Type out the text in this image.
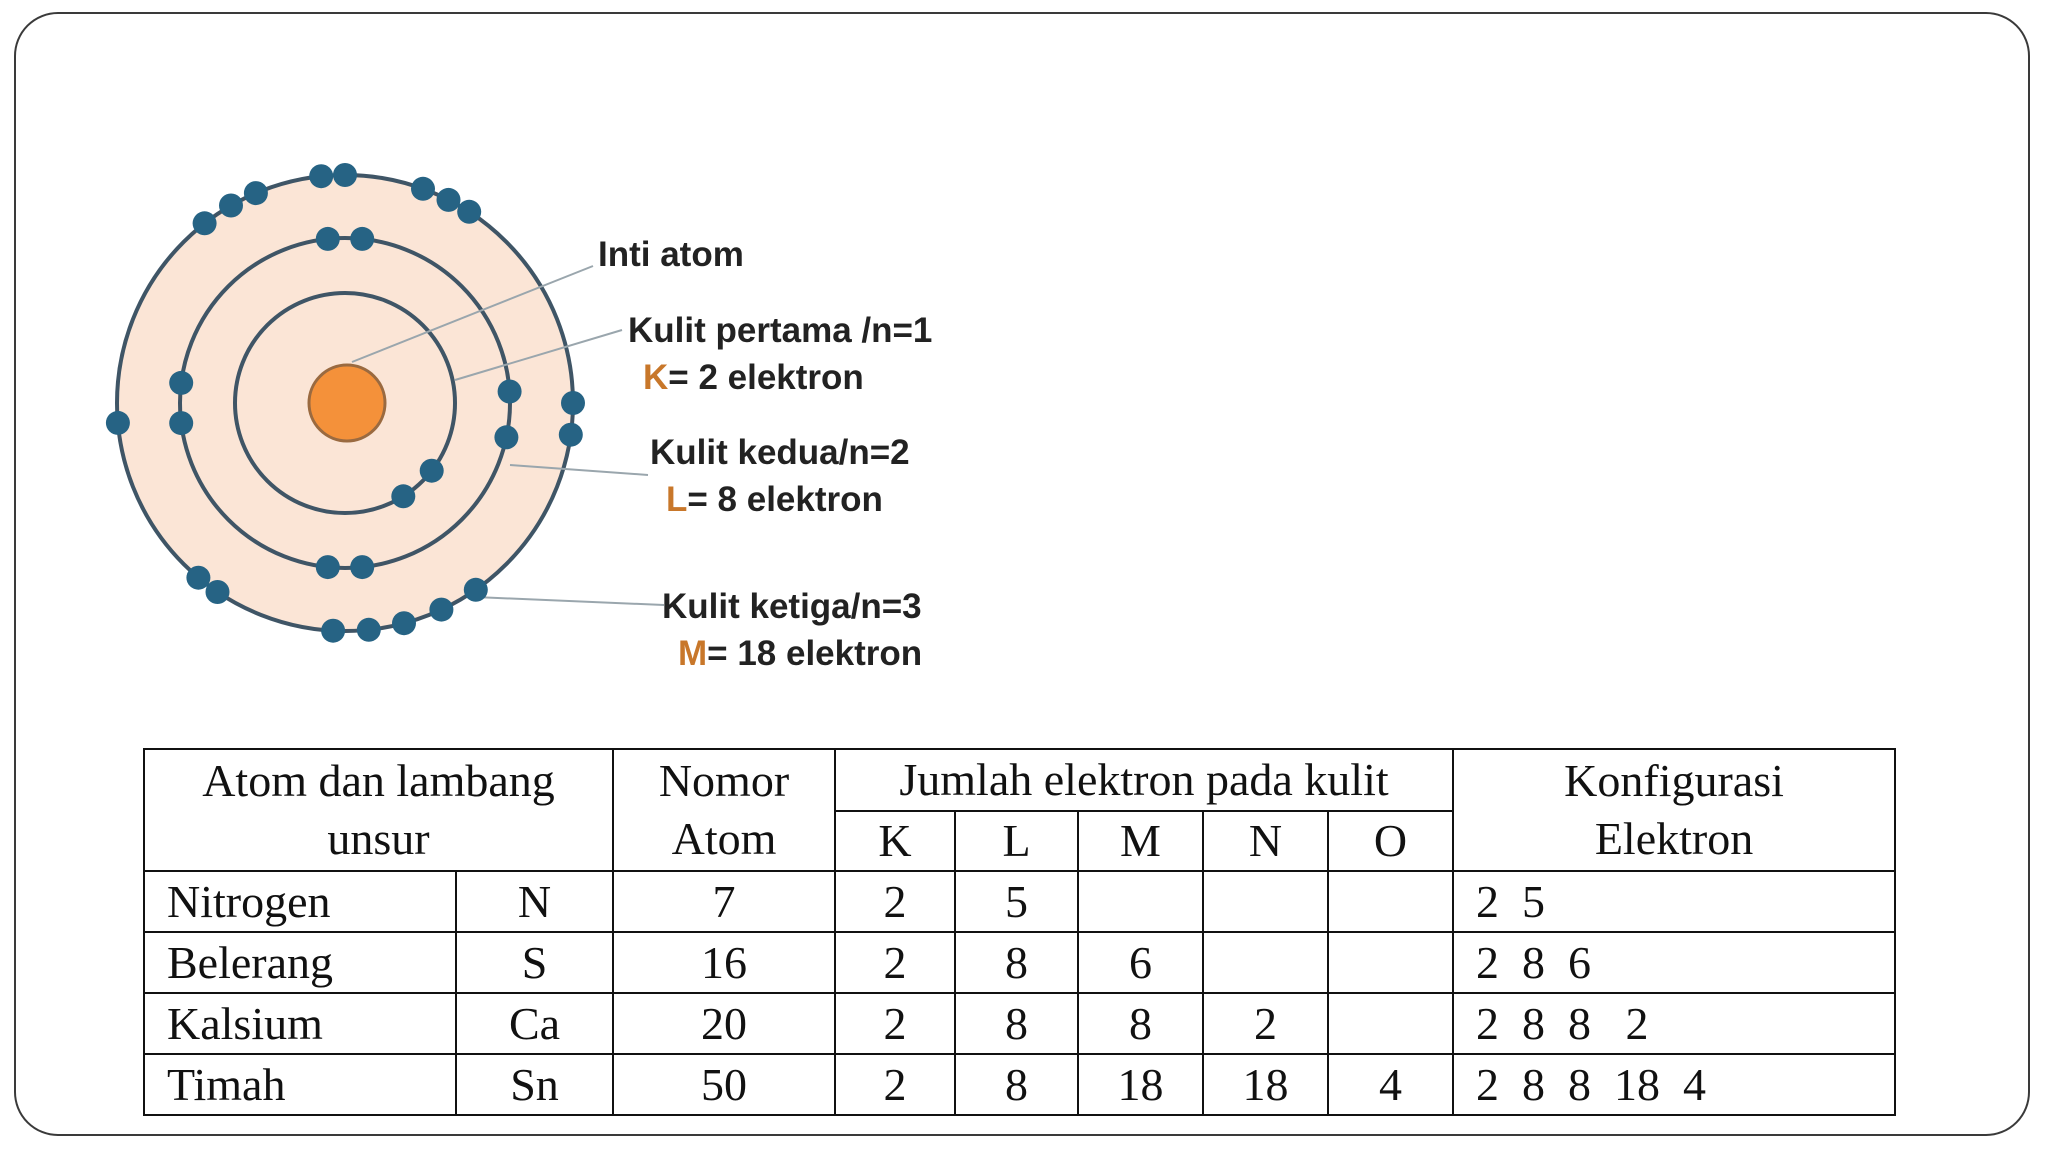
Inti atom
Kulit pertama /n=1
K= 2 elektron
Kulit kedua/n=2
L= 8 elektron
Kulit ketiga/n=3
M= 18 elektron
Atom dan lambang
unsur		Nomor
Atom	Jumlah elektron pada kulit					Konfigurasi
Elektron
			K	L	M	N	O	
Nitrogen	N	7	2	5				2  5
Belerang	S	16	2	8	6			2  8  6
Kalsium	Ca	20	2	8	8	2		2  8  8   2
Timah	Sn	50	2	8	18	18	4	2  8  8  18  4
